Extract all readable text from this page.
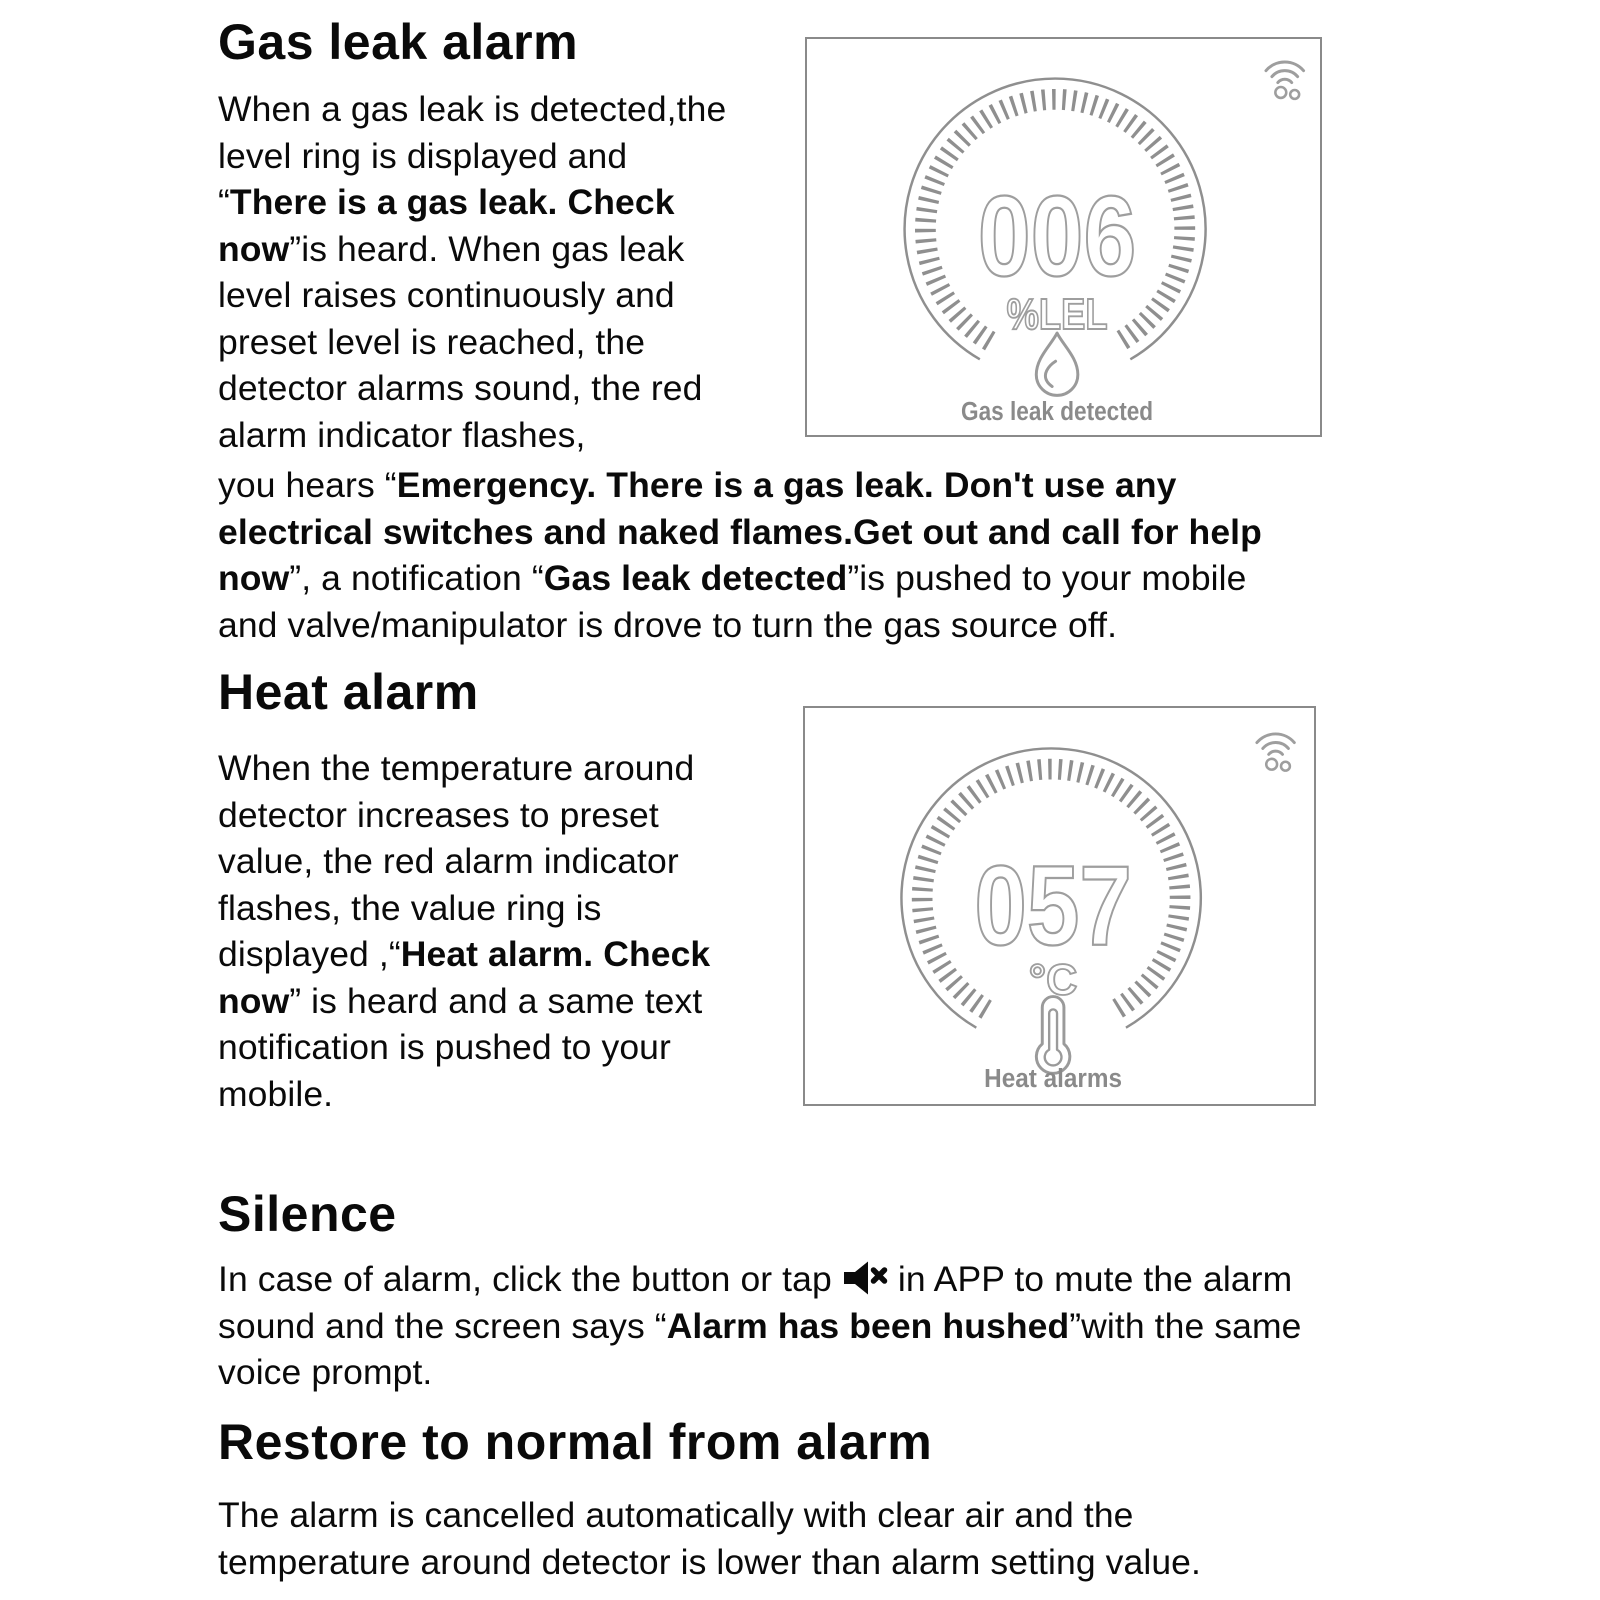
Gas leak alarm

When a gas leak is detected,the
level ring is displayed and
“There is a gas leak. Check
now”is heard. When gas leak
level raises continuously and
preset level is reached, the
detector alarms sound, the red
alarm indicator flashes,

006
%LEL
Gas leak detected

you hears “Emergency. There is a gas leak. Don't use any
electrical switches and naked flames.Get out and call for help
now”, a notification “Gas leak detected”is pushed to your mobile
and valve/manipulator is drove to turn the gas source off.

Heat alarm

When the temperature around
detector increases to preset
value, the red alarm indicator
flashes, the value ring is
displayed ,“Heat alarm. Check
now” is heard and a same text
notification is pushed to your
mobile.

057
°C
Heat alarms
Silence

In case of alarm, click the button or tap in APP to mute the alarm
sound and the screen says “Alarm has been hushed”with the same
voice prompt.

Restore to normal from alarm

The alarm is cancelled automatically with clear air and the
temperature around detector is lower than alarm setting value.
